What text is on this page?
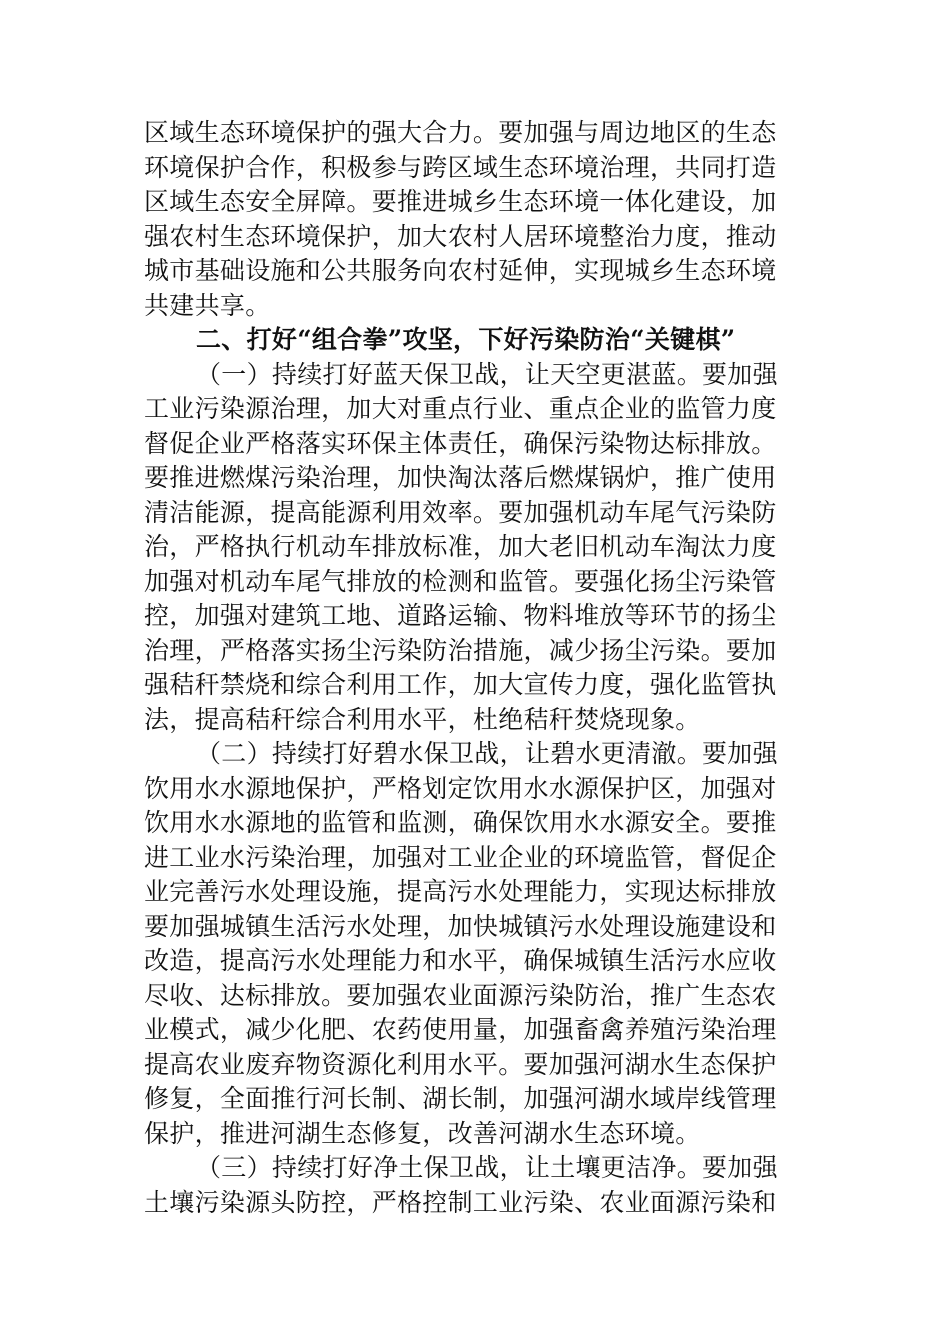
区域生态环境保护的强大合力。要加强与周边地区的生态
环境保护合作，积极参与跨区域生态环境治理，共同打造
区域生态安全屏障。要推进城乡生态环境一体化建设，加
强农村生态环境保护，加大农村人居环境整治力度，推动
城市基础设施和公共服务向农村延伸，实现城乡生态环境
共建共享。
二、打好“组合拳”攻坚，下好污染防治“关键棋”
（一）持续打好蓝天保卫战，让天空更湛蓝。要加强
工业污染源治理，加大对重点行业、重点企业的监管力度
督促企业严格落实环保主体责任，确保污染物达标排放。
要推进燃煤污染治理，加快淘汰落后燃煤锅炉，推广使用
清洁能源，提高能源利用效率。要加强机动车尾气污染防
治，严格执行机动车排放标准，加大老旧机动车淘汰力度
加强对机动车尾气排放的检测和监管。要强化扬尘污染管
控，加强对建筑工地、道路运输、物料堆放等环节的扬尘
治理，严格落实扬尘污染防治措施，减少扬尘污染。要加
强秸秆禁烧和综合利用工作，加大宣传力度，强化监管执
法，提高秸秆综合利用水平，杜绝秸秆焚烧现象。
（二）持续打好碧水保卫战，让碧水更清澈。要加强
饮用水水源地保护，严格划定饮用水水源保护区，加强对
饮用水水源地的监管和监测，确保饮用水水源安全。要推
进工业水污染治理，加强对工业企业的环境监管，督促企
业完善污水处理设施，提高污水处理能力，实现达标排放
要加强城镇生活污水处理，加快城镇污水处理设施建设和
改造，提高污水处理能力和水平，确保城镇生活污水应收
尽收、达标排放。要加强农业面源污染防治，推广生态农
业模式，减少化肥、农药使用量，加强畜禽养殖污染治理
提高农业废弃物资源化利用水平。要加强河湖水生态保护
修复，全面推行河长制、湖长制，加强河湖水域岸线管理
保护，推进河湖生态修复，改善河湖水生态环境。
（三）持续打好净土保卫战，让土壤更洁净。要加强
土壤污染源头防控，严格控制工业污染、农业面源污染和
